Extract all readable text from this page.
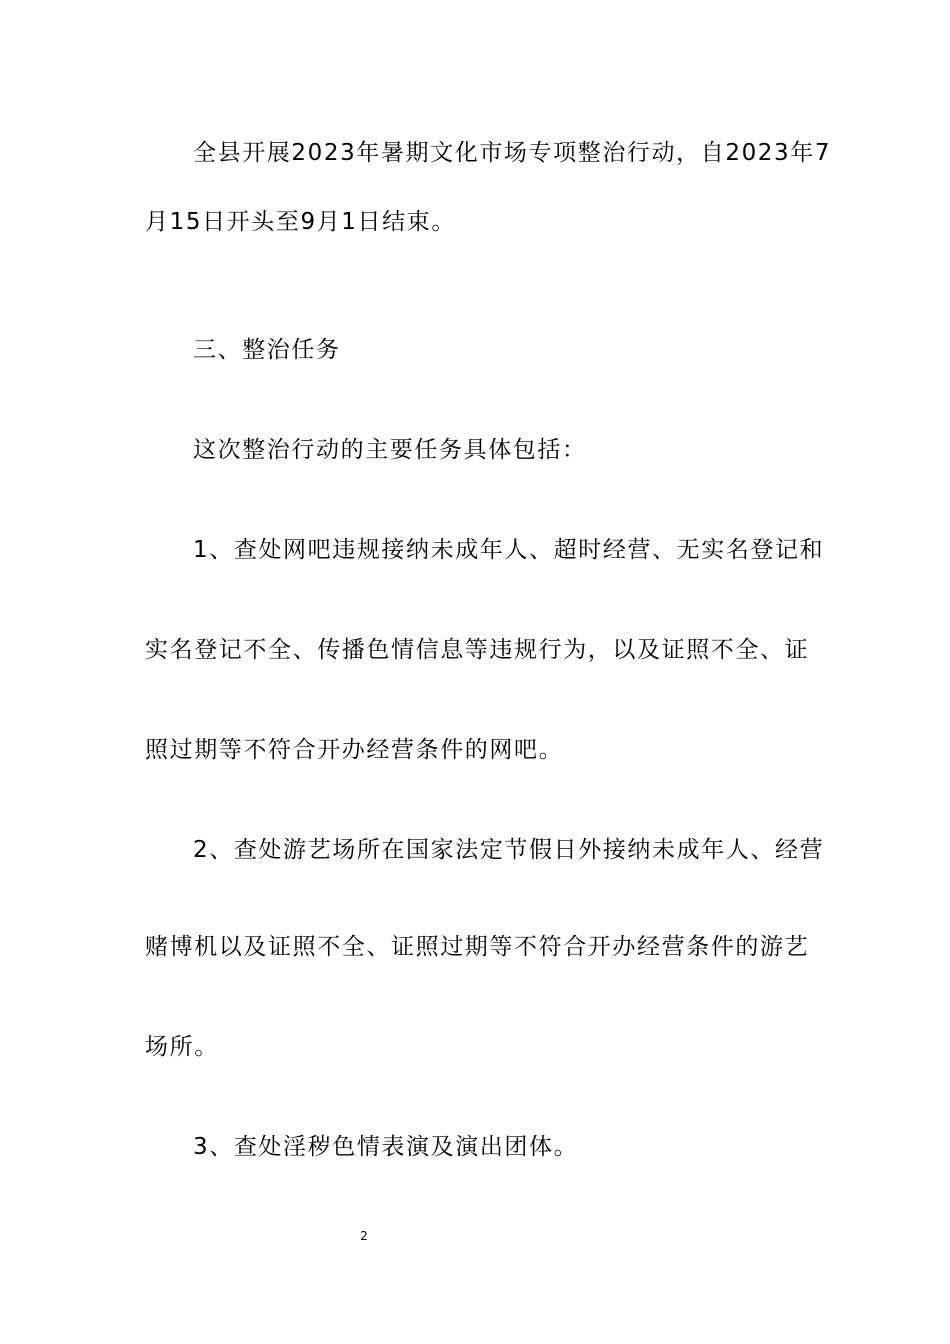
全县开展2023年暑期文化市场专项整治行动，自2023年7

月15日开头至9月1日结束。

三、整治任务

这次整治行动的主要任务具体包括：

1、查处网吧违规接纳未成年人、超时经营、无实名登记和

实名登记不全、传播色情信息等违规行为，以及证照不全、证

照过期等不符合开办经营条件的网吧。

2、查处游艺场所在国家法定节假日外接纳未成年人、经营

赌博机以及证照不全、证照过期等不符合开办经营条件的游艺

场所。

3、查处淫秽色情表演及演出团体。

2
